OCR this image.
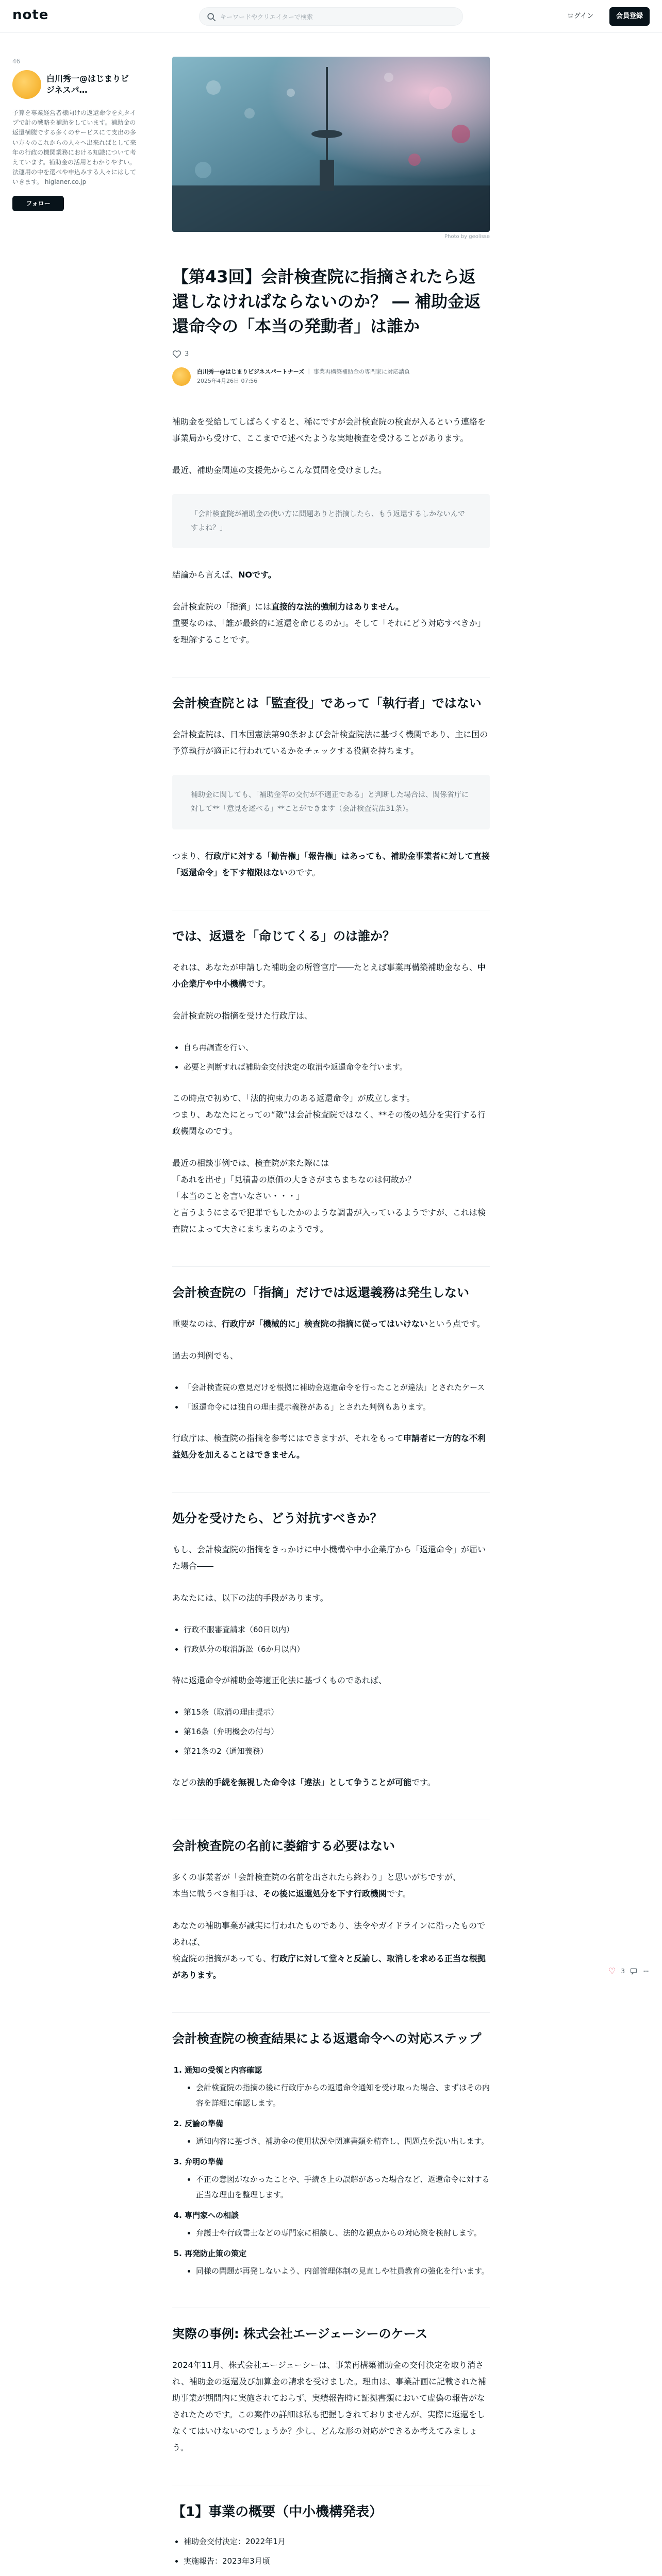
note
キーワードやクリエイターで検索	ログイン	会員登録
46
白川秀一@はじまりビジネスパ…
予算を専業経営者様向けの返還命令を丸タイプで計の戦略を補助をしています。補助金の返還横腹でする多くのサービスにて支出の多い方々のこれからの人々へ出来ればとして来年の行政の機関業務における知識について考えています。補助金の活用とわかりやすい。法運用の中を選べや申込みする人々にはしていきます。 higlaner.co.jp
フォロー
Photo by geolisse
【第43回】会計検査院に指摘されたら返還しなければならないのか？ ― 補助金返還命令の「本当の発動者」は誰か
3
白川秀一@はじまりビジネスパートナーズ ｜ 事業再構築補助金の専門家に対応請負
2025年4月26日 07:56

補助金を受給してしばらくすると、稀にですが会計検査院の検査が入るという連絡を事業局から受けて、ここまでで述べたような実地検査を受けることがあります。

最近、補助金関連の支援先からこんな質問を受けました。

「会計検査院が補助金の使い方に問題ありと指摘したら、もう返還するしかないんですよね？」

結論から言えば、NOです。

会計検査院の「指摘」には直接的な法的強制力はありません。
重要なのは、「誰が最終的に返還を命じるのか」。そして「それにどう対応すべきか」を理解することです。

会計検査院とは「監査役」であって「執行者」ではない

会計検査院は、日本国憲法第90条および会計検査院法に基づく機関であり、主に国の予算執行が適正に行われているかをチェックする役割を持ちます。

補助金に関しても、「補助金等の交付が不適正である」と判断した場合は、関係省庁に対して**「意見を述べる」**ことができます（会計検査院法31条）。

つまり、行政庁に対する「勧告権」「報告権」はあっても、補助金事業者に対して直接「返還命令」を下す権限はないのです。

では、返還を「命じてくる」のは誰か？

それは、あなたが申請した補助金の所管官庁――たとえば事業再構築補助金なら、中小企業庁や中小機構です。

会計検査院の指摘を受けた行政庁は、

• 自ら再調査を行い、
• 必要と判断すれば補助金交付決定の取消や返還命令を行います。

この時点で初めて、「法的拘束力のある返還命令」が成立します。
つまり、あなたにとっての“敵”は会計検査院ではなく、**その後の処分を実行する行政機関なのです。

最近の相談事例では、検査院が来た際には
「あれを出せ」「見積書の原価の大きさがまちまちなのは何故か？
「本当のことを言いなさい・・・」
と言うようにまるで犯罪でもしたかのような調書が入っているようですが、これは検査院によって大きにまちまちのようです。

会計検査院の「指摘」だけでは返還義務は発生しない

重要なのは、行政庁が「機械的に」検査院の指摘に従ってはいけないという点です。

過去の判例でも、

• 「会計検査院の意見だけを根拠に補助金返還命令を行ったことが違法」とされたケース
• 「返還命令には独自の理由提示義務がある」とされた判例もあります。

行政庁は、検査院の指摘を参考にはできますが、それをもって申請者に一方的な不利益処分を加えることはできません。

処分を受けたら、どう対抗すべきか？

もし、会計検査院の指摘をきっかけに中小機構や中小企業庁から「返還命令」が届いた場合――

あなたには、以下の法的手段があります。

• 行政不服審査請求（60日以内）
• 行政処分の取消訴訟（6か月以内）

特に返還命令が補助金等適正化法に基づくものであれば、

• 第15条（取消の理由提示）
• 第16条（弁明機会の付与）
• 第21条の2（通知義務）

などの法的手続を無視した命令は「違法」として争うことが可能です。

会計検査院の名前に萎縮する必要はない

多くの事業者が「会計検査院の名前を出されたら終わり」と思いがちですが、
本当に戦うべき相手は、その後に返還処分を下す行政機関です。

あなたの補助事業が誠実に行われたものであり、法令やガイドラインに沿ったものであれば、
検査院の指摘があっても、行政庁に対して堂々と反論し、取消しを求める正当な根拠があります。

会計検査院の検査結果による返還命令への対応ステップ
1. 通知の受領と内容確認
• 会計検査院の指摘の後に行政庁からの返還命令通知を受け取った場合、まずはその内容を詳細に確認します。
2. 反論の準備
• 通知内容に基づき、補助金の使用状況や関連書類を精査し、問題点を洗い出します。
3. 弁明の準備
• 不正の意図がなかったことや、手続き上の誤解があった場合など、返還命令に対する正当な理由を整理します。
4. 専門家への相談
• 弁護士や行政書士などの専門家に相談し、法的な観点からの対応策を検討します。
5. 再発防止策の策定
• 同様の問題が再発しないよう、内部管理体制の見直しや社員教育の強化を行います。
実際の事例: 株式会社エージェーシーのケース

2024年11月、株式会社エージェーシーは、事業再構築補助金の交付決定を取り消され、補助金の返還及び加算金の請求を受けました。理由は、事業計画に記載された補助事業が期間内に実施されておらず、実績報告時に証拠書類において虚偽の報告がなされたためです。この案件の詳細は私も把握しきれておりませんが、実際に返還をしなくてはいけないのでしょうか？少し、どんな形の対応ができるか考えてみましょう。

【1】事業の概要（中小機構発表）
• 補助金交付決定：2022年1月
• 実施報告：2023年3月頃
•
♡ 3
